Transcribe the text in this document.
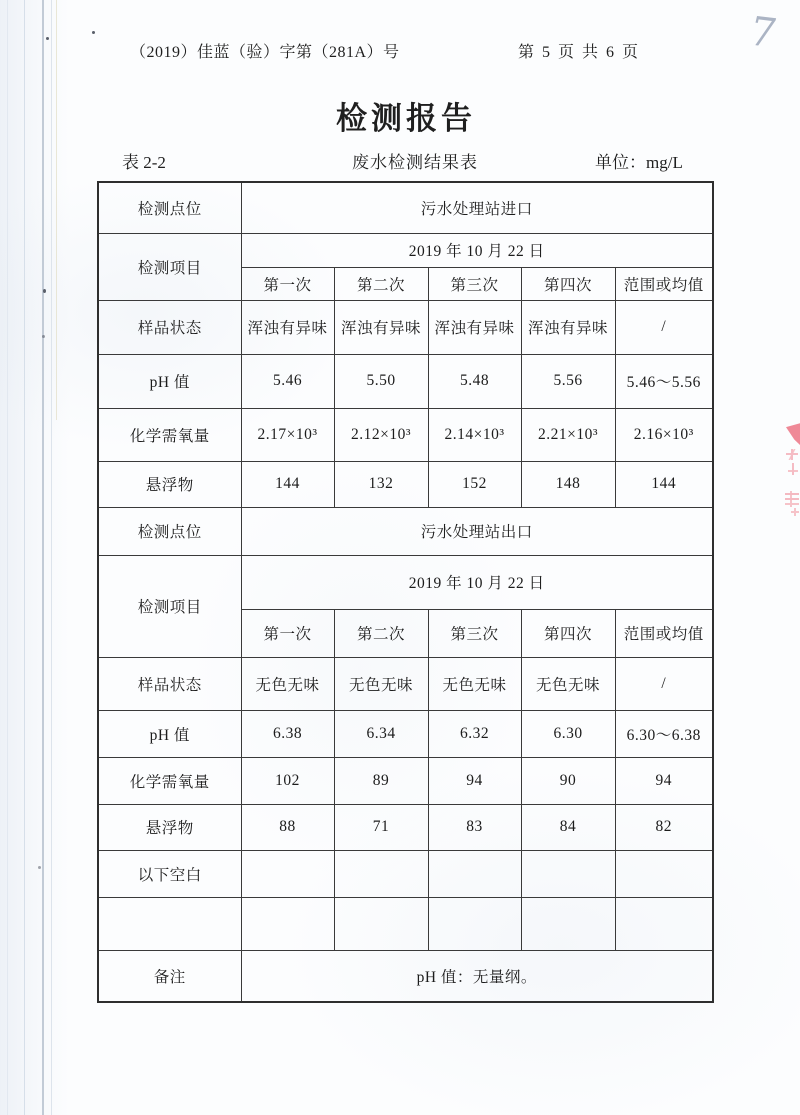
（2019）佳蓝（验）字第（281A）号	第 5 页 共 6 页
检测报告
表 2-2	废水检测结果表	单位：mg/L
检测点位	污水处理站进口				
检测项目	2019 年 10 月 22 日				
	第一次	第二次	第三次	第四次	范围或均值
样品状态	浑浊有异味	浑浊有异味	浑浊有异味	浑浊有异味	/
pH 值	5.46	5.50	5.48	5.56	5.46～5.56
化学需氧量	2.17×10³	2.12×10³	2.14×10³	2.21×10³	2.16×10³
悬浮物	144	132	152	148	144
检测点位	污水处理站出口				
检测项目	2019 年 10 月 22 日				
	第一次	第二次	第三次	第四次	范围或均值
样品状态	无色无味	无色无味	无色无味	无色无味	/
pH 值	6.38	6.34	6.32	6.30	6.30～6.38
化学需氧量	102	89	94	90	94
悬浮物	88	71	83	84	82
以下空白					

备注	pH 值：无量纲。				
7
